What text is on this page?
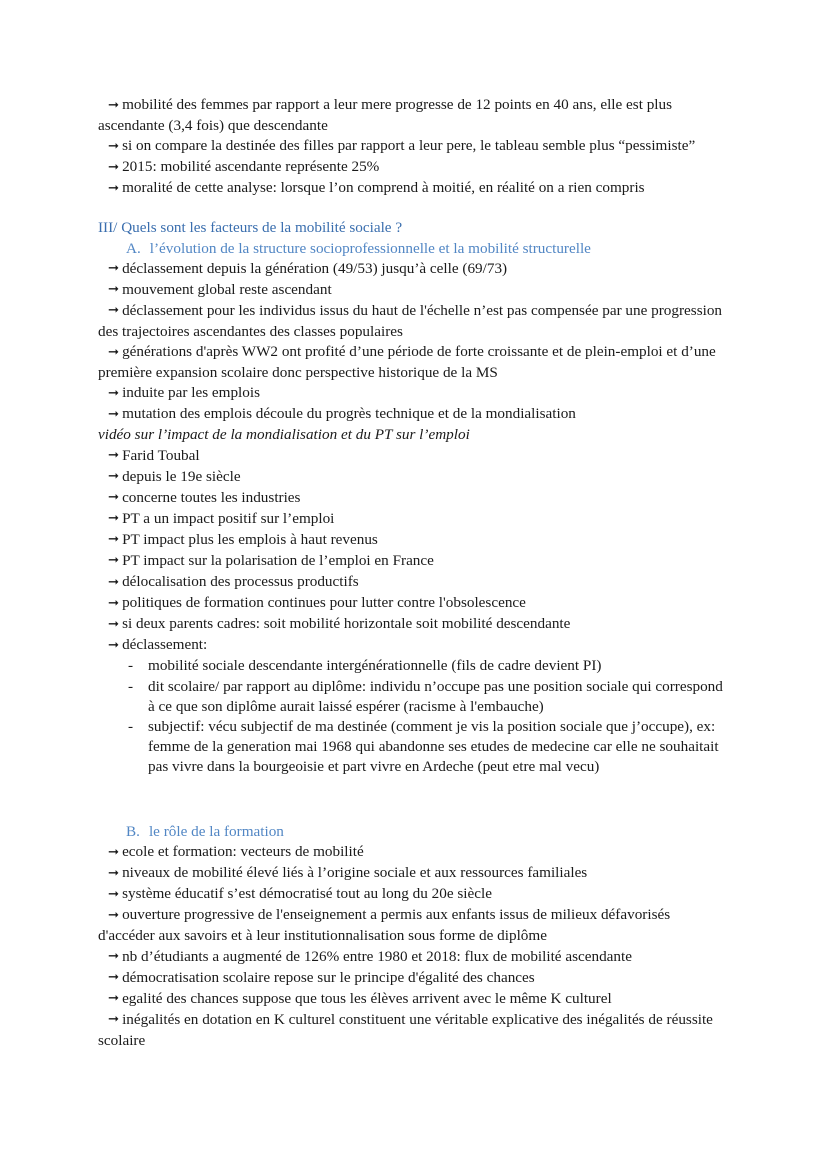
➞ mobilité des femmes par rapport a leur mere progresse de 12 points en 40 ans, elle est plus ascendante (3,4 fois) que descendante

➞ si on compare la destinée des filles par rapport a leur pere, le tableau semble plus “pessimiste”

➞ 2015: mobilité ascendante représente 25%

➞ moralité de cette analyse: lorsque l’on comprend à moitié, en réalité on a rien compris

III/ Quels sont les facteurs de la mobilité sociale ?
A. l’évolution de la structure socioprofessionnelle et la mobilité structurelle

➞ déclassement depuis la génération (49/53) jusqu’à celle (69/73)

➞ mouvement global reste ascendant

➞ déclassement pour les individus issus du haut de l'échelle n’est pas compensée par une progression des trajectoires ascendantes des classes populaires

➞ générations d'après WW2 ont profité d’une période de forte croissante et de plein-emploi et d’une première expansion scolaire donc perspective historique de la MS

➞ induite par les emplois

➞ mutation des emplois découle du progrès technique et de la mondialisation

vidéo sur l’impact de la mondialisation et du PT sur l’emploi

➞ Farid Toubal

➞ depuis le 19e siècle

➞ concerne toutes les industries

➞ PT a un impact positif sur l’emploi

➞ PT impact plus les emplois à haut revenus

➞ PT impact sur la polarisation de l’emploi en France

➞ délocalisation des processus productifs

➞ politiques de formation continues pour lutter contre l'obsolescence

➞ si deux parents cadres: soit mobilité horizontale soit mobilité descendante

➞ déclassement:

- mobilité sociale descendante intergénérationnelle (fils de cadre devient PI)
- dit scolaire/ par rapport au diplôme: individu n’occupe pas une position sociale qui correspond à ce que son diplôme aurait laissé espérer (racisme à l'embauche)
- subjectif: vécu subjectif de ma destinée (comment je vis la position sociale que j’occupe), ex: femme de la generation mai 1968 qui abandonne ses etudes de medecine car elle ne souhaitait pas vivre dans la bourgeoisie et part vivre en Ardeche (peut etre mal vecu)
B. le rôle de la formation

➞ ecole et formation: vecteurs de mobilité

➞ niveaux de mobilité élevé liés à l’origine sociale et aux ressources familiales

➞ système éducatif s’est démocratisé tout au long du 20e siècle

➞ ouverture progressive de l'enseignement a permis aux enfants issus de milieux défavorisés d'accéder aux savoirs et à leur institutionnalisation sous forme de diplôme

➞ nb d’étudiants a augmenté de 126% entre 1980 et 2018: flux de mobilité ascendante

➞ démocratisation scolaire repose sur le principe d'égalité des chances

➞ egalité des chances suppose que tous les élèves arrivent avec le même K culturel

➞ inégalités en dotation en K culturel constituent une véritable explicative des inégalités de réussite scolaire
